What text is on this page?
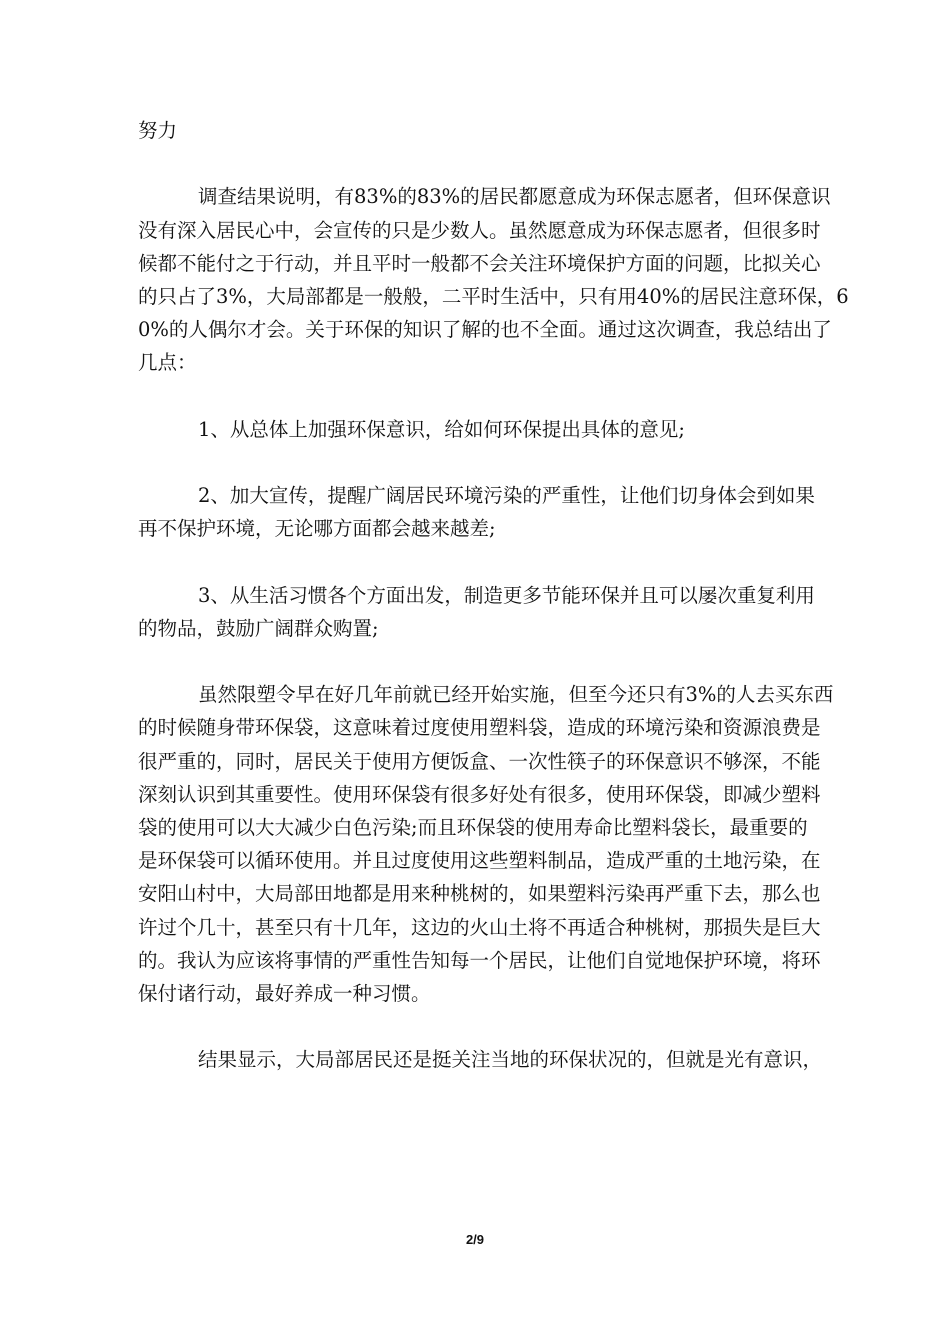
努力
调查结果说明，有83%的83%的居民都愿意成为环保志愿者，但环保意识
没有深入居民心中，会宣传的只是少数人。虽然愿意成为环保志愿者，但很多时
候都不能付之于行动，并且平时一般都不会关注环境保护方面的问题，比拟关心
的只占了3%，大局部都是一般般，二平时生活中，只有用40%的居民注意环保，6
0%的人偶尔才会。关于环保的知识了解的也不全面。通过这次调查，我总结出了
几点：
1、从总体上加强环保意识，给如何环保提出具体的意见;
2、加大宣传，提醒广阔居民环境污染的严重性，让他们切身体会到如果
再不保护环境，无论哪方面都会越来越差;
3、从生活习惯各个方面出发，制造更多节能环保并且可以屡次重复利用
的物品，鼓励广阔群众购置;
虽然限塑令早在好几年前就已经开始实施，但至今还只有3%的人去买东西
的时候随身带环保袋，这意味着过度使用塑料袋，造成的环境污染和资源浪费是
很严重的，同时，居民关于使用方便饭盒、一次性筷子的环保意识不够深，不能
深刻认识到其重要性。使用环保袋有很多好处有很多，使用环保袋，即减少塑料
袋的使用可以大大减少白色污染;而且环保袋的使用寿命比塑料袋长，最重要的
是环保袋可以循环使用。并且过度使用这些塑料制品，造成严重的土地污染，在
安阳山村中，大局部田地都是用来种桃树的，如果塑料污染再严重下去，那么也
许过个几十，甚至只有十几年，这边的火山土将不再适合种桃树，那损失是巨大
的。我认为应该将事情的严重性告知每一个居民，让他们自觉地保护环境，将环
保付诸行动，最好养成一种习惯。
结果显示，大局部居民还是挺关注当地的环保状况的，但就是光有意识，
2/9
